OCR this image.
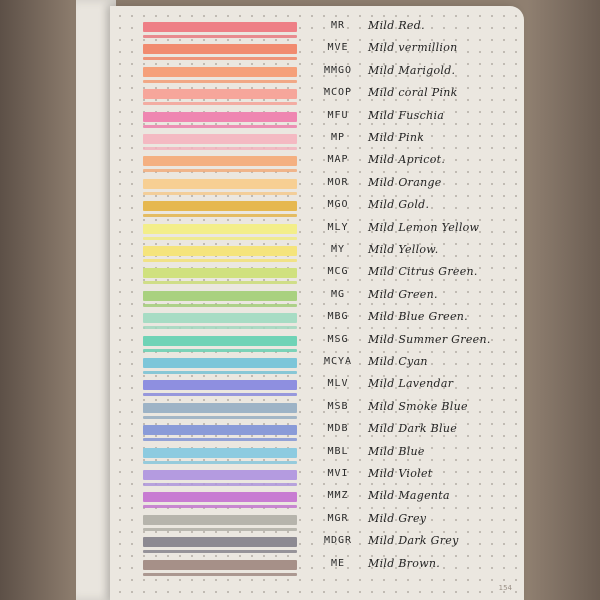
MR	Mild Red.
MVE	Mild vermillion
MMGO	Mild Marigold.
MCOP	Mild coral Pink
MFU	Mild Fuschia
MP	Mild Pink
MAP	Mild Apricot.
MOR	Mild Orange
MGO	Mild Gold.
MLY	Mild Lemon Yellow
MY	Mild Yellow.
MCG	Mild Citrus Green.
MG	Mild Green.
MBG	Mild Blue Green.
MSG	Mild Summer Green.
MCYA	Mild Cyan
MLV	Mild Lavendar
MSB	Mild Smoke Blue
MDB	Mild Dark Blue
MBL	Mild Blue
MVI	Mild Violet
MMZ	Mild Magenta
MGR	Mild Grey
MDGR	Mild Dark Grey
ME	Mild Brown.
154
